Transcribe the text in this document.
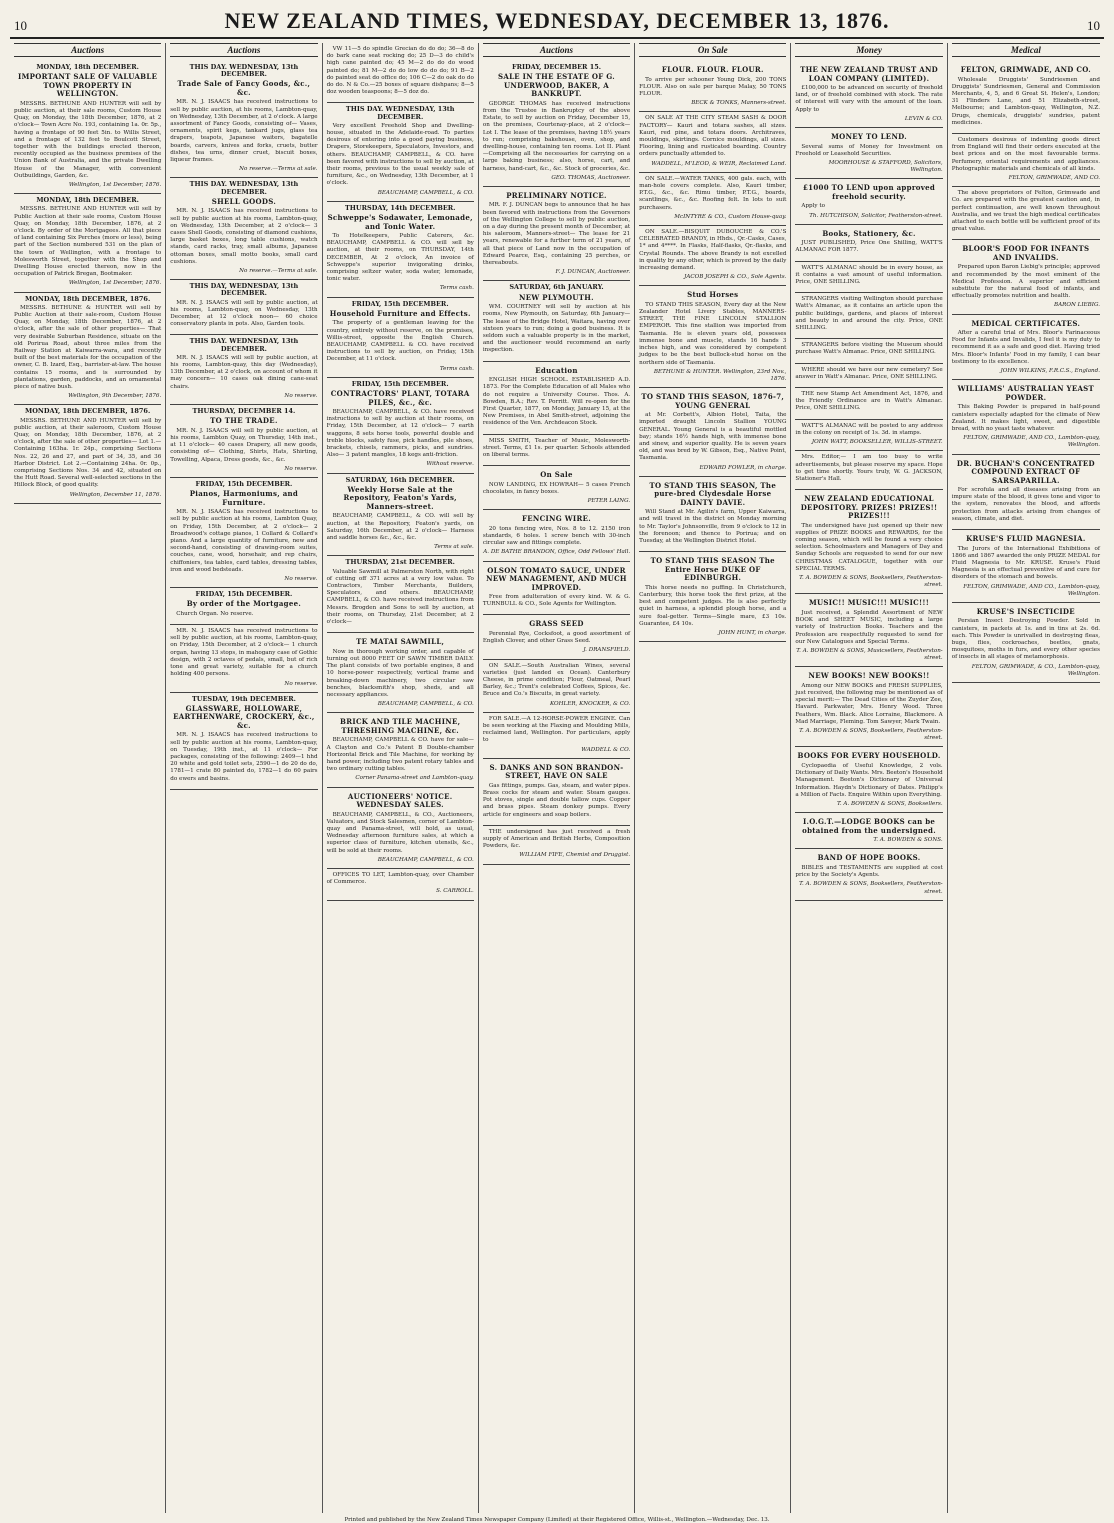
10	NEW ZEALAND TIMES, WEDNESDAY, DECEMBER 13, 1876.	10
Auctions
MONDAY, 18th DECEMBER.
IMPORTANT SALE OF VALUABLE TOWN PROPERTY IN WELLINGTON.

MESSRS. BETHUNE AND HUNTER will sell by public auction, at their sale rooms, Custom House Quay, on Monday, the 18th December, 1876, at 2 o'clock— Town Acre No. 193, containing 1a. 0r. 5p., having a frontage of 90 feet 5in. to Willis Street, and a frontage of 132 feet to Boulcott Street, together with the buildings erected thereon, recently occupied as the business premises of the Union Bank of Australia, and the private Dwelling House of the Manager, with convenient Outbuildings, Garden, &c.

Wellington, 1st December, 1876.
MONDAY, 18th DECEMBER.

MESSRS. BETHUNE AND HUNTER will sell by Public Auction at their sale rooms, Custom House Quay, on Monday, 18th December, 1876, at 2 o'clock. By order of the Mortgagees. All that piece of land containing Six Perches (more or less), being part of the Section numbered 531 on the plan of the town of Wellington, with a frontage to Molesworth Street, together with the Shop and Dwelling House erected thereon, now in the occupation of Patrick Bregan, Bootmaker.

Wellington, 1st December, 1876.
MONDAY, 18th DECEMBER, 1876.

MESSRS. BETHUNE & HUNTER will sell by Public Auction at their sale-room, Custom House Quay, on Monday, 18th December, 1876, at 2 o'clock, after the sale of other properties— That very desirable Suburban Residence, situate on the old Porirua Road, about three miles from the Railway Station at Kaiwarra-wara, and recently built of the best materials for the occupation of the owner, C. B. Izard, Esq., barrister-at-law. The house contains 15 rooms, and is surrounded by plantations, garden, paddocks, and an ornamental piece of native bush.

Wellington, 9th December, 1876.
MONDAY, 18th DECEMBER, 1876.

MESSRS. BETHUNE AND HUNTER will sell by public auction, at their saleroom, Custom House Quay, on Monday, 18th December, 1876, at 2 o'clock, after the sale of other properties— Lot 1.—Containing 163ha. 1r. 24p., comprising Sections Nos. 22, 26 and 27, and part of 34, 35, and 36 Harbor District. Lot 2.—Containing 24ha. 0r. 0p., comprising Sections Nos. 34 and 42, situated on the Hutt Road. Several well-selected sections in the Hillock Block, of good quality.

Wellington, December 11, 1876.
Auctions
THIS DAY. WEDNESDAY, 13th DECEMBER.
Trade Sale of Fancy Goods, &c., &c.

MR. N. J. ISAACS has received instructions to sell by public auction, at his rooms, Lambton-quay, on Wednesday, 13th December, at 2 o'clock. A large assortment of Fancy Goods, consisting of— Vases, ornaments, spirit kegs, tankard jugs, glass tea drapers, teapots, Japanese waiters, bagatelle boards, carvers, knives and forks, cruets, butter dishes, tea urns, dinner cruet, biscuit boxes, liqueur frames.

No reserve.—Terms at sale.
THIS DAY. WEDNESDAY, 13th DECEMBER.
SHELL GOODS.

MR. N. J. ISAACS has received instructions to sell by public auction at his rooms, Lambton-quay, on Wednesday, 13th December, at 2 o'clock— 3 cases Shell Goods, consisting of diamond cushions, large basket boxes, long table cushions, watch stands, card racks, tray, small albums, Japanese ottoman boxes, small motto books, small card cushions.

No reserve.—Terms at sale.
THIS DAY, WEDNESDAY, 13th DECEMBER.

MR. N. J. ISAACS will sell by public auction, at his rooms, Lambton-quay, on Wednesday, 13th December, at 12 o'clock noon— 60 choice conservatory plants in pots. Also, Garden tools.

THIS DAY. WEDNESDAY, 13th DECEMBER.

MR. N. J. ISAACS will sell by public auction, at his rooms, Lambton-quay, this day (Wednesday), 13th December, at 2 o'clock, on account of whom it may concern— 10 cases oak dining cane-seat chairs.

No reserve.
THURSDAY, DECEMBER 14.
TO THE TRADE.

MR. N. J. ISAACS will sell by public auction, at his rooms, Lambton Quay, on Thursday, 14th inst., at 11 o'clock— 40 cases Drapery, all new goods, consisting of— Clothing, Shirts, Hats, Shirting, Towelling, Alpaca, Dress goods, &c., &c.

No reserve.
FRIDAY, 15th DECEMBER.
Pianos, Harmoniums, and Furniture.

MR. N. J. ISAACS has received instructions to sell by public auction at his rooms, Lambton Quay, on Friday, 15th December, at 2 o'clock— 2 Broadwood's cottage pianos, 1 Collard & Collard's piano. And a large quantity of furniture, new and second-hand, consisting of drawing-room suites, couches, cane, wood, horsehair, and rep chairs, chiffoniers, tea tables, card tables, dressing tables, iron and wood bedsteads.

No reserve.
FRIDAY, 15th DECEMBER.
By order of the Mortgagee.

Church Organ. No reserve.

MR. N. J. ISAACS has received instructions to sell by public auction, at his rooms, Lambton-quay, on Friday, 15th December, at 2 o'clock— 1 church organ, having 13 stops, in mahogany case of Gothic design, with 2 octaves of pedals, small, but of rich tone and great variety, suitable for a church holding 400 persons.

No reserve.
TUESDAY, 19th DECEMBER.
GLASSWARE, HOLLOWARE, EARTHENWARE, CROCKERY, &c., &c.

MR. N. J. ISAACS has received instructions to sell by public auction at his rooms, Lambton-quay, on Tuesday, 19th inst., at 11 o'clock— For packages, consisting of the following: 2409—1 hhd 20 white and gold toilet sets, 2590—1 do 20 do do, 1781—1 crate 80 painted do, 1782—1 do 60 pairs do ewers and basins.

VW 11—5 do spindle Grecian do do do; 36—8 do do bark cane seat rocking do; 25 D—3 do child's high cane painted do; 45 M—2 do do do wood painted do; 81 M—2 do do low do do do; 91 B—2 do painted seat do office do; 106 C—2 do oak do do do do. N & Co.—25 boxes of square dishpans; 8—5 doz wooden teaspoons; 8—5 doz do.

THIS DAY. WEDNESDAY, 13th DECEMBER.

Very excellent Freehold Shop and Dwelling-house, situated in the Adelaide-road. To parties desirous of entering into a good paying business, Drapers, Storekeepers, Speculators, Investors, and others. BEAUCHAMP, CAMPBELL, & CO. have been favored with instructions to sell by auction, at their rooms, previous to the usual weekly sale of furniture, &c., on Wednesday, 13th December, at 1 o'clock.

BEAUCHAMP, CAMPBELL, & CO.
THURSDAY, 14th DECEMBER.
Schweppe's Sodawater, Lemonade, and Tonic Water.

To Hotelkeepers, Public Caterers, &c. BEAUCHAMP, CAMPBELL & CO. will sell by auction, at their rooms, on THURSDAY, 14th DECEMBER, At 2 o'clock, An invoice of Schweppe's superior invigorating drinks, comprising seltzer water, soda water, lemonade, tonic water.

Terms cash.
FRIDAY, 15th DECEMBER.
Household Furniture and Effects.

The property of a gentleman leaving for the country, entirely without reserve, on the premises, Willis-street, opposite the English Church. BEAUCHAMP, CAMPBELL & CO. have received instructions to sell by auction, on Friday, 15th December, at 11 o'clock.

Terms cash.
FRIDAY, 15th DECEMBER.
CONTRACTORS' PLANT, TOTARA PILES, &c., &c.

BEAUCHAMP, CAMPBELL, & CO. have received instructions to sell by auction at their rooms, on Friday, 15th December, at 12 o'clock— 7 earth waggons, 8 sets horse tools, powerful double and treble blocks, safety fuse, pick handles, pile shoes, brackets, chisels, rammers, picks, and sundries. Also— 3 patent mangles, 18 kegs anti-friction.

Without reserve.
SATURDAY, 16th DECEMBER.
Weekly Horse Sale at the Repository, Featon's Yards, Manners-street.

BEAUCHAMP, CAMPBELL, & CO. will sell by auction, at the Repository, Featon's yards, on Saturday, 16th December, at 2 o'clock— Harness and saddle horses &c., &c., &c.

Terms at sale.
THURSDAY, 21st DECEMBER.

Valuable Sawmill at Palmerston North, with right of cutting off 371 acres at a very low value. To Contractors, Timber Merchants, Builders, Speculators, and others. BEAUCHAMP, CAMPBELL, & CO. have received instructions from Messrs. Brogden and Sons to sell by auction, at their rooms, on Thursday, 21st December, at 2 o'clock—

TE MATAI SAWMILL,

Now in thorough working order, and capable of turning out 8000 FEET OF SAWN TIMBER DAILY. The plant consists of two portable engines, 8 and 10 horse-power respectively, vertical frame and breaking-down machinery, two circular saw benches, blacksmith's shop, sheds, and all necessary appliances.

BEAUCHAMP, CAMPBELL, & CO.
BRICK AND TILE MACHINE, THRESHING MACHINE, &c.

BEAUCHAMP, CAMPBELL & CO. have for sale— A Clayton and Co.'s Patent B Double-chamber Horizontal Brick and Tile Machine, for working by hand power, including two patent rotary tables and two ordinary cutting tables.

Corner Panama-street and Lambton-quay.
AUCTIONEERS' NOTICE. WEDNESDAY SALES.

BEAUCHAMP, CAMPBELL, & CO., Auctioneers, Valuators, and Stock Salesmen, corner of Lambton-quay and Panama-street, will hold, as usual, Wednesday afternoon furniture sales, at which a superior class of furniture, kitchen utensils, &c., will be sold at their rooms.

BEAUCHAMP, CAMPBELL, & CO.

OFFICES TO LET, Lambton-quay, over Chamber of Commerce.

S. CARROLL.
Auctions
FRIDAY, DECEMBER 15.
SALE IN THE ESTATE OF G. UNDERWOOD, BAKER, A BANKRUPT.

GEORGE THOMAS has received instructions from the Trustee in Bankruptcy of the above Estate, to sell by auction on Friday, December 15, on the premises, Courtenay-place, at 2 o'clock— Lot I. The lease of the premises, having 18½ years to run; comprising bakehouse, oven, shop, and dwelling-house, containing ten rooms. Lot II. Plant—Comprising all the necessaries for carrying on a large baking business; also, horse, cart, and harness, hand-cart, &c., &c. Stock of groceries, &c.

GEO. THOMAS, Auctioneer.
PRELIMINARY NOTICE.

MR. F. J. DUNCAN begs to announce that he has been favored with instructions from the Governors of the Wellington College to sell by public auction, on a day during the present month of December, at his saleroom, Manners-street— The lease for 21 years, renewable for a further term of 21 years, of all that piece of Land now in the occupation of Edward Pearce, Esq., containing 25 perches, or thereabouts.

F. J. DUNCAN, Auctioneer.
SATURDAY, 6th JANUARY.
NEW PLYMOUTH.

WM. COURTNEY will sell by auction at his rooms, New Plymouth, on Saturday, 6th January— The lease of the Bridge Hotel, Waitara, having over sixteen years to run; doing a good business. It is seldom such a valuable property is in the market, and the auctioneer would recommend an early inspection.

Education

ENGLISH HIGH SCHOOL. ESTABLISHED A.D. 1873. For the Complete Education of all Males who do not require a University Course. Thos. A. Bowden, B.A.; Rev. T. Porritt. Will re-open for the First Quarter, 1877, on Monday, January 15, at the New Premises, in Abel Smith-street, adjoining the residence of the Ven. Archdeacon Stock.

MISS SMITH, Teacher of Music, Molesworth-street. Terms, £1 1s. per quarter. Schools attended on liberal terms.

On Sale

NOW LANDING, EX HOWRAH— 5 cases French chocolates, in fancy boxes.

PETER LAING.
FENCING WIRE.

20 tons fencing wire, Nos. 8 to 12. 2150 iron standards, 6 holes. 1 screw bench with 30-inch circular saw and fittings complete.

A. DE BATHE BRANDON, Office, Odd Fellows' Hall.
OLSON TOMATO SAUCE, UNDER NEW MANAGEMENT, AND MUCH IMPROVED.

Free from adulteration of every kind. W. & G. TURNBULL & CO., Sole Agents for Wellington.

GRASS SEED

Perennial Rye, Cocksfoot, a good assortment of English Clover, and other Grass Seed.

J. DRANSFIELD.

ON SALE.—South Australian Wines, several varieties (just landed ex Ocean). Canterbury Cheese, in prime condition; Flour, Oatmeal, Pearl Barley, &c.; Trent's celebrated Coffees, Spices, &c. Bruce and Co.'s Biscuits, in great variety.

KOHLER, KNOCKER, & CO.

FOR SALE.—A 12-HORSE-POWER ENGINE. Can be seen working at the Flaxing and Moulding Mills, reclaimed land, Wellington. For particulars, apply to

WADDELL & CO.
S. DANKS AND SON BRANDON-STREET, HAVE ON SALE

Gas fittings, pumps. Gas, steam, and water pipes. Brass cocks for steam and water. Steam gauges. Pot stoves, single and double tallow cups. Copper and brass pipes. Steam donkey pumps. Every article for engineers and soap boilers.

THE undersigned has just received a fresh supply of American and British Herbs, Composition Powders, &c.

WILLIAM FIFE, Chemist and Druggist.
On Sale
FLOUR. FLOUR. FLOUR.

To arrive per schooner Young Dick, 200 TONS FLOUR. Also on sale per barque Malay, 50 TONS FLOUR.

BECK & TONKS, Manners-street.

ON SALE AT THE CITY STEAM SASH & DOOR FACTORY— Kauri and totara sashes, all sizes. Kauri, red pine, and totara doors. Architraves, mouldings, skirtings. Cornice mouldings, all sizes. Flooring, lining and rusticated boarding. Country orders punctually attended to.

WADDELL, M'LEOD, & WEIR, Reclaimed Land.

ON SALE.—WATER TANKS, 400 gals. each, with man-hole covers complete. Also, Kauri timber, P.T.G., &c., &c. Rimu timber, P.T.G., boards, scantlings, &c., &c. Roofing felt. In lots to suit purchasers.

McINTYRE & CO., Custom House-quay.

ON SALE.—BISQUIT DUBOUCHE & CO.'S CELEBRATED BRANDY, in Hhds., Qr.-Casks, Cases, 1* and 4****. In Flasks, Half-flasks, Qr.-flasks, and Crystal Rounds. The above Brandy is not excelled in quality by any other, which is proved by the daily increasing demand.

JACOB JOSEPH & CO., Sole Agents.
Stud Horses

TO STAND THIS SEASON, Every day at the New Zealander Hotel Livery Stables, MANNERS-STREET, THE FINE LINCOLN STALLION EMPEROR. This fine stallion was imported from Tasmania. He is eleven years old, possesses immense bone and muscle, stands 16 hands 3 inches high, and was considered by competent judges to be the best bullock-stud horse on the northern side of Tasmania.

BETHUNE & HUNTER. Wellington, 23rd Nov., 1876.
TO STAND THIS SEASON, 1876-7, YOUNG GENERAL

at Mr. Corbett's, Albion Hotel, Taita, the imported draught Lincoln Stallion YOUNG GENERAL. Young General is a beautiful mottled bay; stands 16½ hands high, with immense bone and sinew, and superior quality. He is seven years old, and was bred by W. Gibson, Esq., Native Point, Tasmania.

EDWARD FOWLER, in charge.
TO STAND THIS SEASON, The pure-bred Clydesdale Horse DAINTY DAVIE.

Will Stand at Mr. Agilin's farm, Upper Kaiwarra, and will travel in the district on Monday morning to Mr. Taylor's Johnsonville, from 9 o'clock to 12 in the forenoon; and thence to Porirua; and on Tuesday, at the Wellington District Hotel.

TO STAND THIS SEASON The Entire Horse DUKE OF EDINBURGH.

This horse needs no puffing. In Christchurch, Canterbury, this horse took the first prize, at the best and competent judges. He is also perfectly quiet in harness, a splendid plough horse, and a sure foal-getter. Terms—Single mare, £3 10s. Guarantee, £4 10s.

JOHN HUNT, in charge.
Money
THE NEW ZEALAND TRUST AND LOAN COMPANY (LIMITED).

£100,000 to be advanced on security of freehold land, or of freehold combined with stock. The rate of interest will vary with the amount of the loan. Apply to

LEVIN & CO.
MONEY TO LEND.

Several sums of Money for Investment on Freehold or Leasehold Securities.

MOORHOUSE & STAFFORD, Solicitors, Wellington.
£1000 TO LEND upon approved freehold security.

Apply to

Th. HUTCHISON, Solicitor, Featherston-street.
Books, Stationery, &c.

JUST PUBLISHED, Price One Shilling, WATT'S ALMANAC FOR 1877.

WATT'S ALMANAC should be in every house, as it contains a vast amount of useful information. Price, ONE SHILLING.

STRANGERS visiting Wellington should purchase Watt's Almanac, as it contains an article upon the public buildings, gardens, and places of interest and beauty in and around the city. Price, ONE SHILLING.

STRANGERS before visiting the Museum should purchase Watt's Almanac. Price, ONE SHILLING.

WHERE should we have our new cemetery? See answer in Watt's Almanac. Price, ONE SHILLING.

THE new Stamp Act Amendment Act, 1876, and the Friendly Ordinance are in Watt's Almanac. Price, ONE SHILLING.

WATT'S ALMANAC will be posted to any address in the colony on receipt of 1s. 3d. in stamps.

JOHN WATT, BOOKSELLER, WILLIS-STREET.

Mrs. Editor,— I am too busy to write advertisements, but please reserve my space. Hope to get time shortly. Yours truly, W. G. JACKSON, Stationer's Hall.

NEW ZEALAND EDUCATIONAL DEPOSITORY. PRIZES! PRIZES!! PRIZES!!!

The undersigned have just opened up their new supplies of PRIZE BOOKS and REWARDS, for the coming season, which will be found a very choice selection. Schoolmasters and Managers of Day and Sunday Schools are requested to send for our new CHRISTMAS CATALOGUE, together with our SPECIAL TERMS.

T. A. BOWDEN & SONS, Booksellers, Featherston-street.
MUSIC!! MUSIC!!! MUSIC!!!

Just received, a Splendid Assortment of NEW BOOK and SHEET MUSIC, including a large variety of Instruction Books. Teachers and the Profession are respectfully requested to send for our New Catalogues and Special Terms.

T. A. BOWDEN & SONS, Musicsellers, Featherston-street.
NEW BOOKS! NEW BOOKS!!

Among our NEW BOOKS and FRESH SUPPLIES, just received, the following may be mentioned as of special merit:— The Dead Cities of the Zuyder Zee, Havard. Parkwater, Mrs. Henry Wood. Three Feathers, Wm. Black. Alice Lorraine, Blackmore. A Mad Marriage, Fleming. Tom Sawyer, Mark Twain.

T. A. BOWDEN & SONS, Booksellers, Featherston-street.
BOOKS FOR EVERY HOUSEHOLD.

Cyclopaedia of Useful Knowledge, 2 vols. Dictionary of Daily Wants. Mrs. Beeton's Household Management. Beeton's Dictionary of Universal Information. Haydn's Dictionary of Dates. Philipp's a Million of Facts. Enquire Within upon Everything.

T. A. BOWDEN & SONS, Booksellers.
I.O.G.T.—LODGE BOOKS can be obtained from the undersigned.
T. A. BOWDEN & SONS.
BAND OF HOPE BOOKS.

BIBLES and TESTAMENTS are supplied at cost price by the Society's Agents.

T. A. BOWDEN & SONS, Booksellers, Featherston-street.
Medical
FELTON, GRIMWADE, AND CO.

Wholesale Druggists' Sundriesmen and Druggists' Sundriesmen, General and Commission Merchants, 4, 5, and 6 Great St. Helen's, London; 31 Flinders Lane, and 51 Elizabeth-street, Melbourne; and Lambton-quay, Wellington, N.Z. Drugs, chemicals, druggists' sundries, patent medicines.

Customers desirous of indenting goods direct from England will find their orders executed at the best prices and on the most favourable terms. Perfumery, oriental requirements and appliances. Photographic materials and chemicals of all kinds.

FELTON, GRIMWADE, AND CO.

The above proprietors of Felton, Grimwade and Co. are prepared with the greatest caution and, in perfect continuation, are well known throughout Australia, and we trust the high medical certificates attached to each bottle will be sufficient proof of its great value.

BLOOR'S FOOD FOR INFANTS AND INVALIDS.

Prepared upon Baron Liebig's principle; approved and recommended by the most eminent of the Medical Profession. A superior and efficient substitute for the natural food of infants, and effectually promotes nutrition and health.

BARON LIEBIG.
MEDICAL CERTIFICATES.

After a careful trial of Mrs. Bloor's Farinaceous Food for Infants and Invalids, I feel it is my duty to recommend it as a safe and good diet. Having tried Mrs. Bloor's Infants' Food in my family, I can bear testimony to its excellence.

JOHN WILKINS, F.R.C.S., England.
WILLIAMS' AUSTRALIAN YEAST POWDER.

This Baking Powder is prepared in half-pound canisters especially adapted for the climate of New Zealand. It makes light, sweet, and digestible bread, with no yeast taste whatever.

FELTON, GRIMWADE, AND CO., Lambton-quay, Wellington.
DR. BUCHAN'S CONCENTRATED COMPOUND EXTRACT OF SARSAPARILLA.

For scrofula and all diseases arising from an impure state of the blood, it gives tone and vigor to the system, renovates the blood, and affords protection from attacks arising from changes of season, climate, and diet.

KRUSE'S FLUID MAGNESIA.

The Jurors of the International Exhibitions of 1866 and 1867 awarded the only PRIZE MEDAL for Fluid Magnesia to Mr. KRUSE. Kruse's Fluid Magnesia is an effectual preventive of and cure for disorders of the stomach and bowels.

FELTON, GRIMWADE, AND CO., Lambton-quay, Wellington.
KRUSE'S INSECTICIDE

Persian Insect Destroying Powder. Sold in canisters, in packets at 1s. and in tins at 2s. 6d. each. This Powder is unrivalled in destroying fleas, bugs, flies, cockroaches, beetles, gnats, mosquitoes, moths in furs, and every other species of insects in all stages of metamorphosis.

FELTON, GRIMWADE, & CO., Lambton-quay, Wellington.
Printed and published by the New Zealand Times Newspaper Company (Limited) at their Registered Office, Willis-st., Wellington.—Wednesday, Dec. 13.
